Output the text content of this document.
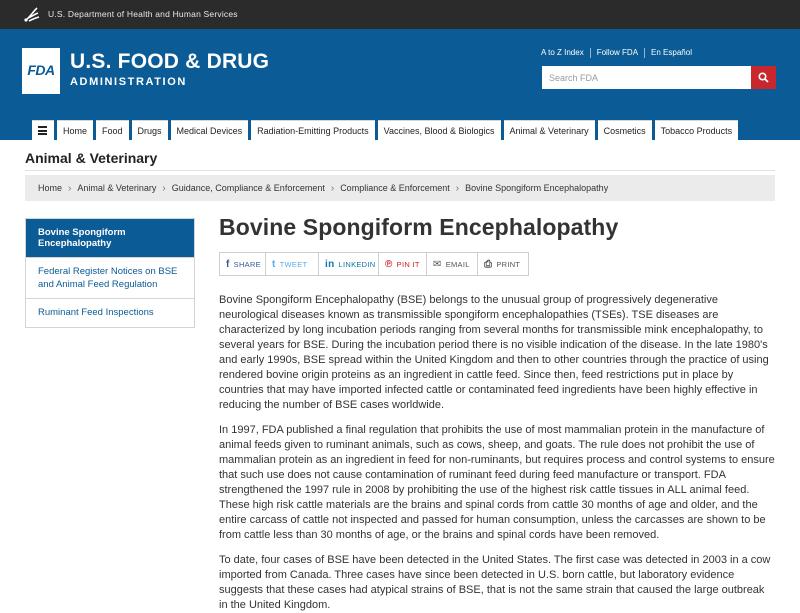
U.S. Department of Health and Human Services
FDA U.S. FOOD & DRUG
ADMINISTRATION
A to Z Index Follow FDA En Español
Search FDA
Home	Food	Drugs	Medical Devices	Radiation-Emitting Products	Vaccines, Blood & Biologics	Animal & Veterinary	Cosmetics	Tobacco Products
Animal & Veterinary
Home › Animal & Veterinary › Guidance, Compliance & Enforcement › Compliance & Enforcement › Bovine Spongiform Encephalopathy
Bovine Spongiform Encephalopathy
Federal Register Notices on BSE and Animal Feed Regulation
Ruminant Feed Inspections
Bovine Spongiform Encephalopathy
f SHARE t TWEET in LINKEDIN ℗ PIN IT ✉ EMAIL ⎙ PRINT

Bovine Spongiform Encephalopathy (BSE) belongs to the unusual group of progressively degenerative neurological diseases known as transmissible spongiform encephalopathies (TSEs). TSE diseases are characterized by long incubation periods ranging from several months for transmissible mink encephalopathy, to several years for BSE. During the incubation period there is no visible indication of the disease. In the late 1980's and early 1990s, BSE spread within the United Kingdom and then to other countries through the practice of using rendered bovine origin proteins as an ingredient in cattle feed. Since then, feed restrictions put in place by countries that may have imported infected cattle or contaminated feed ingredients have been highly effective in reducing the number of BSE cases worldwide.

In 1997, FDA published a final regulation that prohibits the use of most mammalian protein in the manufacture of animal feeds given to ruminant animals, such as cows, sheep, and goats. The rule does not prohibit the use of mammalian protein as an ingredient in feed for non-ruminants, but requires process and control systems to ensure that such use does not cause contamination of ruminant feed during feed manufacture or transport. FDA strengthened the 1997 rule in 2008 by prohibiting the use of the highest risk cattle tissues in ALL animal feed. These high risk cattle materials are the brains and spinal cords from cattle 30 months of age and older, and the entire carcass of cattle not inspected and passed for human consumption, unless the carcasses are shown to be from cattle less than 30 months of age, or the brains and spinal cords have been removed.

To date, four cases of BSE have been detected in the United States. The first case was detected in 2003 in a cow imported from Canada. Three cases have since been detected in U.S. born cattle, but laboratory evidence suggests that these cases had atypical strains of BSE, that is not the same strain that caused the large outbreak in the United Kingdom.
